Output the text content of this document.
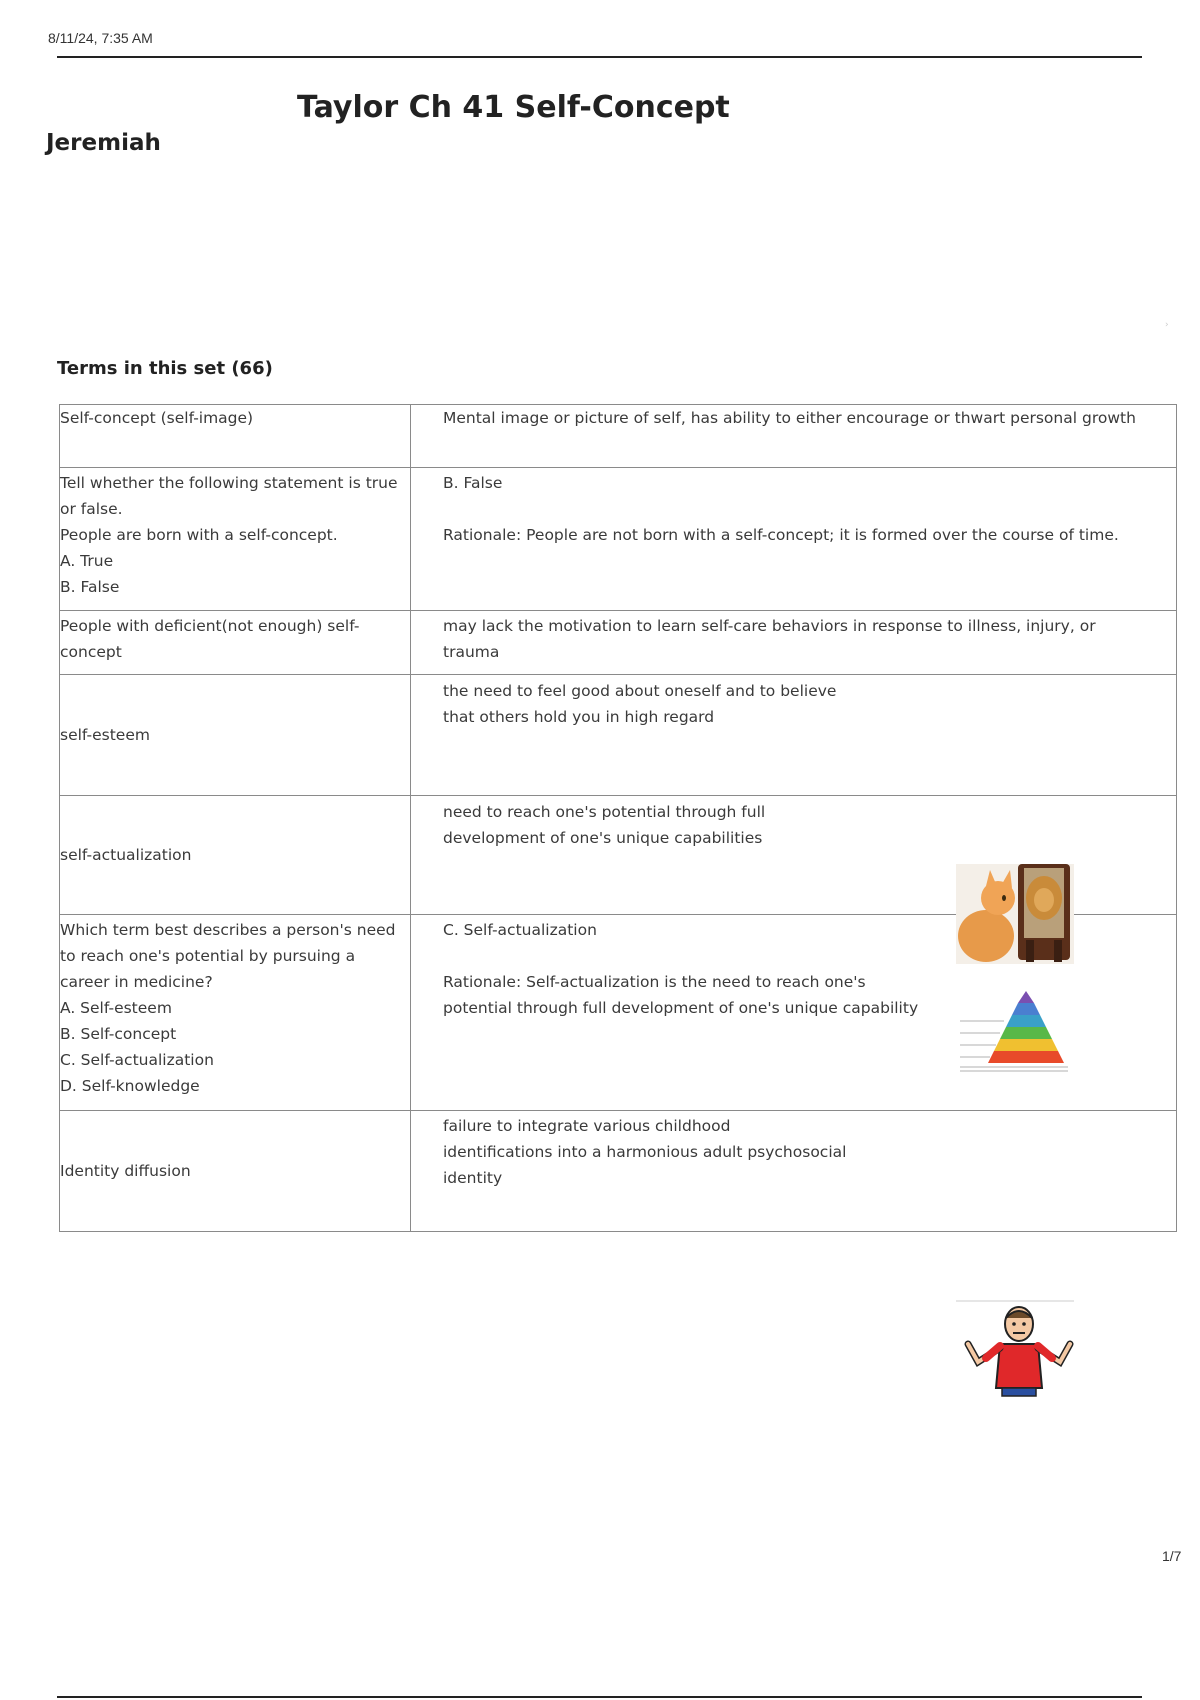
8/11/24, 7:35 AM
Taylor Ch 41 Self-Concept
Jeremiah
›
Terms in this set (66)
Self-concept (self-image)	Mental image or picture of self, has ability to either encourage or thwart personal growth

Tell whether the following statement is true or false.
People are born with a self-concept.
A. True
B. False	B. False

Rationale: People are not born with a self-concept; it is formed over the course of time.

People with deficient(not enough) self-concept	may lack the motivation to learn self-care behaviors in response to illness, injury, or trauma

self-esteem	the need to feel good about oneself and to believe
that others hold you in high regard

self-actualization	need to reach one's potential through full
development of one's unique capabilities

Which term best describes a person's need to reach one's potential by pursuing a career in medicine?
A. Self-esteem
B. Self-concept
C. Self-actualization
D. Self-knowledge	C. Self-actualization

Rationale: Self-actualization is the need to reach one's potential through full development of one's unique capability

Identity diffusion	failure to integrate various childhood
identifications into a harmonious adult psychosocial
identity
1/7
